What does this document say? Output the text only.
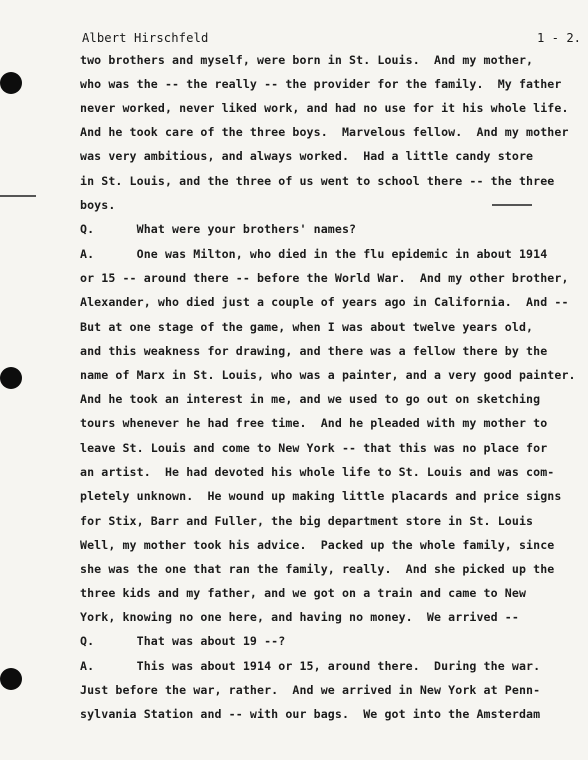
Albert Hirschfeld	1 - 2.
two brothers and myself, were born in St. Louis.  And my mother,
who was the -- the really -- the provider for the family.  My father
never worked, never liked work, and had no use for it his whole life.
And he took care of the three boys.  Marvelous fellow.  And my mother
was very ambitious, and always worked.  Had a little candy store
in St. Louis, and the three of us went to school there -- the three
boys.
Q.      What were your brothers' names?
A.      One was Milton, who died in the flu epidemic in about 1914
or 15 -- around there -- before the World War.  And my other brother,
Alexander, who died just a couple of years ago in California.  And --
But at one stage of the game, when I was about twelve years old,
and this weakness for drawing, and there was a fellow there by the
name of Marx in St. Louis, who was a painter, and a very good painter.
And he took an interest in me, and we used to go out on sketching
tours whenever he had free time.  And he pleaded with my mother to
leave St. Louis and come to New York -- that this was no place for
an artist.  He had devoted his whole life to St. Louis and was com-
pletely unknown.  He wound up making little placards and price signs
for Stix, Barr and Fuller, the big department store in St. Louis
Well, my mother took his advice.  Packed up the whole family, since
she was the one that ran the family, really.  And she picked up the
three kids and my father, and we got on a train and came to New
York, knowing no one here, and having no money.  We arrived --
Q.      That was about 19 --?
A.      This was about 1914 or 15, around there.  During the war.
Just before the war, rather.  And we arrived in New York at Penn-
sylvania Station and -- with our bags.  We got into the Amsterdam
